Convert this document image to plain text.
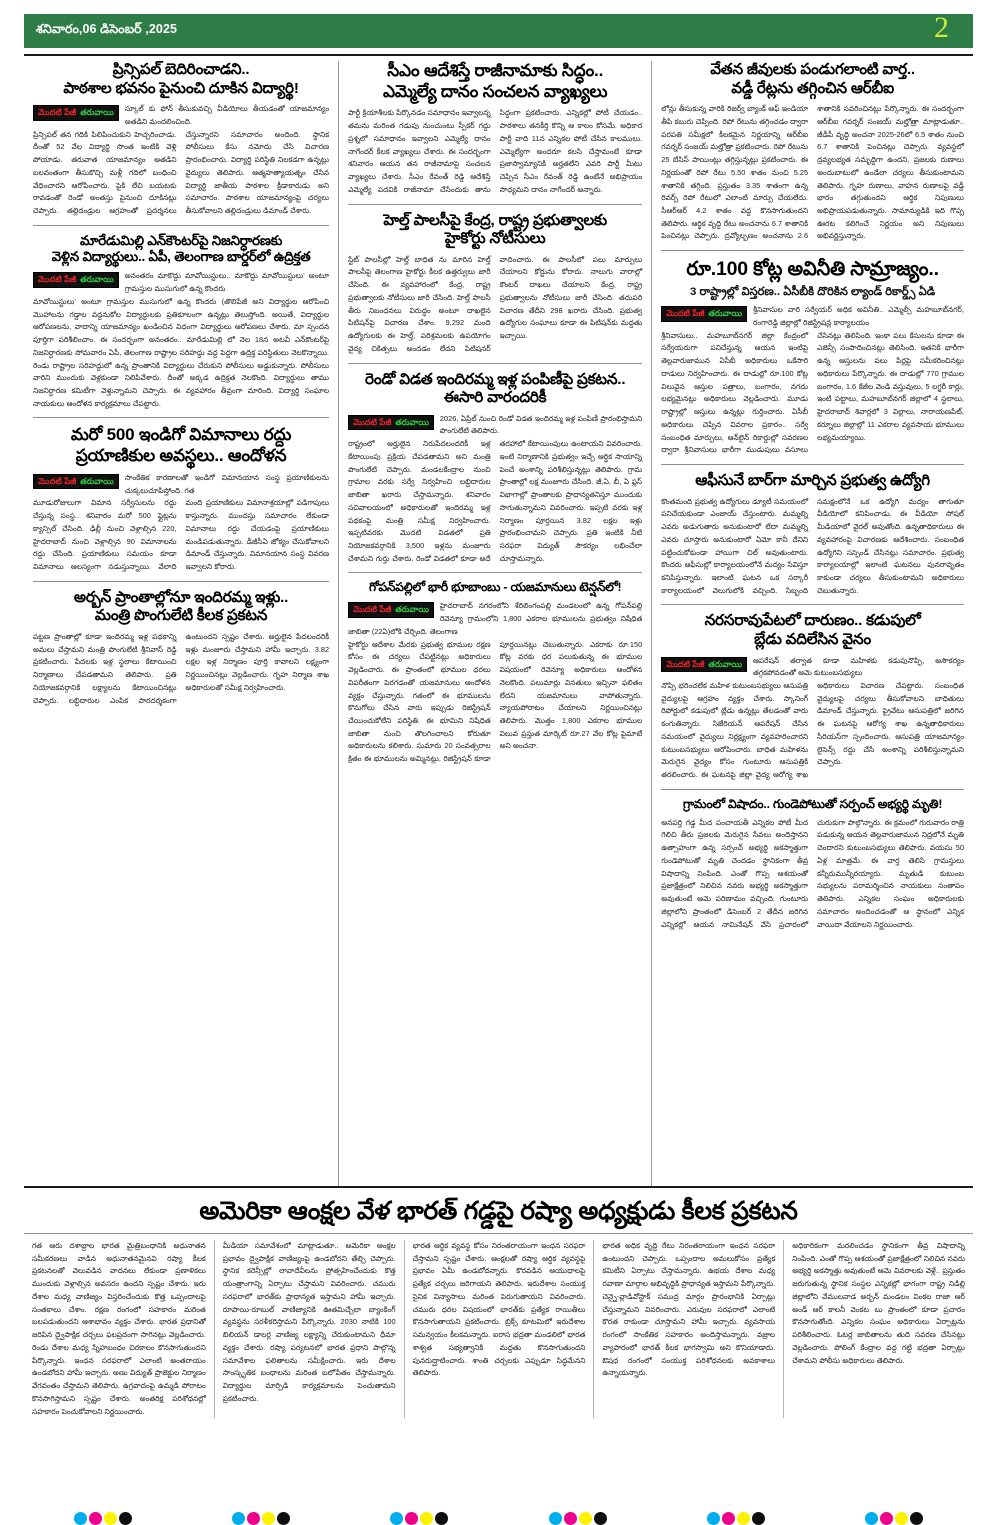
శనివారం,06 డిసెంబర్ ,2025	2
ప్రిన్సిపల్ బెదిరించాడని..
పాఠశాల భవనం పైనుంచి దూకిన విద్యార్థి!
మొదటి పేజీ తరువాయి	స్కూల్ కు ఫోన్ తీసుకువచ్చి వీడియోలు తీయడంతో యాజమాన్యం అతడిని మందలించింది.
ప్రిన్సిపల్ తన గదికి పిలిపించుకుని హెచ్చరించాడు. దీంతో 52 వేల విద్యార్థి సొంత ఇంటికి వెళ్లి పోయాడు. తరువాత యాజమాన్యం అతడిని బలవంతంగా తీసుకొచ్చి మళ్లీ గదిలో బంధించి వేధించారని ఆరోపించారు. పైకి లేచి బయటకు రావడంతో రెండో అంతస్తు పైనుంచి దూకినట్లు చెప్పారు. తల్లిదండ్రుల ఆగ్రహంతో ప్రదర్శనలు చేస్తున్నారని సమాచారం అందింది. స్థానిక పోలీసులు కేసు నమోదు చేసి విచారణ ప్రారంభించారు. విద్యార్థి పరిస్థితి నిలకడగా ఉన్నట్లు వైద్యులు తెలిపారు. ఆత్మహత్యాయత్నం చేసిన విద్యార్థి జాతీయ పాఠశాల క్రీడాకారుడు అని సమాచారం. పాఠశాల యాజమాన్యంపై చర్యలు తీసుకోవాలని తల్లిదండ్రులు డిమాండ్ చేశారు.
మారేడుమిల్లి ఎన్‌కౌంటర్‌పై నిజనిర్ధారణకు
వెళ్లిన విద్యార్థులు.. ఏపీ, తెలంగాణ బార్డర్‌లో ఉద్రిక్తత
మొదటి పేజీ తరువాయి	అనంతరం మాకొద్దు మావోయిస్టులు.. మాకొద్దు మావోయిస్టులు' అంటూ గ్రామస్తుల ముసుగులో ఉన్న కొందరు
మావోయిస్టులు' అంటూ గ్రామస్తుల ముసుగులో ఉన్న కొందరు (తొలిపేజీ అని విద్యార్థుల ఆరోపించి మొహాలను గడ్డాల వద్దనుకోల విద్యార్థులకు ప్రతికూలంగా ఉన్నట్లు తెలుస్తోంది. అయితే, విద్యార్థుల ఆరోపణలను, వాదాన్ని యాజమాన్యం ఖండించిన విధంగా విద్యార్థులు ఆరోపణలు చేశారు. మా స్పందన పూర్తిగా పరిశీలించాం. ఈ సందర్భంగా అనంతరం.. మారేడుమిల్లి లో నెల 18న అటవీ ఎన్‌కౌంటర్‌పై నిజనిర్ధారణకు సోమవారం ఏపీ, తెలంగాణ రాష్ట్రాల సరిహద్దు వద్ద పెద్దగా ఉద్రిక్త పరిస్థితులు నెలకొన్నాయి. రెండు రాష్ట్రాల సరిహద్దులో ఉన్న ప్రాంతానికి విద్యార్థులు చేరుకుని పోలీసులు అడ్డుకున్నారు. పోలీసులు వారిని ముందుకు వెళ్లకుండా నిలిపివేశారు. దీంతో అక్కడ ఉద్రిక్తత నెలకొంది. విద్యార్థులు తాము నిజనిర్ధారణ కమిటీగా వెళ్తున్నామని చెప్పారు. ఈ వ్యవహారం తీవ్రంగా మారింది. విద్యార్థి సంఘాల నాయకులు ఆందోళన కార్యక్రమాలు చేపట్టారు.
మరో 500 ఇండిగో విమానాలు రద్దు
ప్రయాణికుల అవస్థలు.. ఆందోళన
మొదటి పేజీ తరువాయి	సాంకేతిక కారణాలతో ఇండిగో విమానయాన సంస్థ ప్రయాణికులను చుక్కలుచూపిస్తోంది. గత
మూడురోజులుగా విమాన సర్వీసులను రద్దు చేస్తున్న సంస్థ.. శనివారం మరో 500 ఫ్లైట్లను క్యాన్సిల్ చేసింది. ఢిల్లీ నుంచి వెళ్లాల్సిన 220, హైదరాబాద్ నుంచి వెళ్లాల్సిన 90 విమానాలను రద్దు చేసింది. ప్రయాణికులు సమయం కూడా విమానాలు ఆలస్యంగా నడుస్తున్నాయి. వేలాది మంది ప్రయాణికులు విమానాశ్రయాల్లో పడిగాపులు కాస్తున్నారు. ముందస్తు సమాచారం లేకుండా విమానాలు రద్దు చేయడంపై ప్రయాణికులు మండిపడుతున్నారు. డీజీసీఏ జోక్యం చేసుకోవాలని డిమాండ్ చేస్తున్నారు. విమానయాన సంస్థ వివరణ ఇవ్వాలని కోరారు.
అర్బన్ ప్రాంతాల్లోనూ ఇందిరమ్మ ఇళ్లు..
మంత్రి పొంగులేటి కీలక ప్రకటన
పట్టణ ప్రాంతాల్లో కూడా ఇందిరమ్మ ఇళ్ల పథకాన్ని అమలు చేస్తామని మంత్రి పొంగులేటి శ్రీనివాస్ రెడ్డి ప్రకటించారు. పేదలకు ఇళ్ల స్థలాలు కేటాయించి నిర్మాణాలు చేపడతామని తెలిపారు. ప్రతి నియోజకవర్గానికి లక్ష్యాలను కేటాయించినట్లు చెప్పారు. లబ్ధిదారుల ఎంపిక పారదర్శకంగా ఉంటుందని స్పష్టం చేశారు. అర్హులైన పేదలందరికీ ఇళ్లు మంజూరు చేస్తామని హామీ ఇచ్చారు. 3.82 లక్షల ఇళ్ల నిర్మాణం పూర్తి కావాలని లక్ష్యంగా నిర్ణయించినట్లు వెల్లడించారు. గృహ నిర్మాణ శాఖ అధికారులతో సమీక్ష నిర్వహించారు.
సీఎం ఆదేశిస్తే రాజీనామాకు సిద్ధం..
ఎమ్మెల్యే దానం సంచలన వ్యాఖ్యలు
పార్టీ క్రియాశీలకు పేర్కొనడం సమాధానం ఇవ్వాలన్న తమను మరింత గడుపు నుంచుంటు స్పీకర్ గద్దు ప్రశ్నలో సమాధానం ఇవ్వాలని ఎమ్మెల్యే దానం నాగేందర్ కీలక వ్యాఖ్యలు చేశారు. ఈ సందర్భంగా శనివారం ఆయన తన రాజీనామాపై సంచలన వ్యాఖ్యలు చేశారు. సీఎం రేవంత్ రెడ్డి ఆదేశిస్తే ఎమ్మెల్యే పదవికి రాజీనామా చేసేందుకు తాను సిద్ధంగా ప్రకటించారు. ఎన్నికల్లో పోటీ చేయడం.. పాఠశాలు తనకీర్తి కొన్ని ఆ కాలం కోసమే. అధికార పార్టీ వాది 11న ఎన్నికల పోటీ చేసిన కాలములు. ఎమ్మెల్యేగా అందరూ కలసి చేస్తామంటే కూడా ప్రజాస్వామ్యానికి అర్హతలేని ఎవరి పార్టీ మీటు చెప్పిన సీఎం రేవంత్ రెడ్డి ఉంటేనే అభిప్రాయం సాధ్యమని దానం నాగేందర్ అన్నారు.
హెల్త్ పాలసీపై కేంద్ర, రాష్ట్ర ప్రభుత్వాలకు
హైకోర్టు నోటీసులు
స్టేట్ పాలసీల్లో హెల్త్ బాధిత ను మారిన హెల్త్ పాలసీపై తెలంగాణ హైకోర్టు కీలక ఉత్తర్వులు జారీ చేసింది. ఈ వ్యవహారంలో కేంద్ర, రాష్ట్ర ప్రభుత్వాలకు నోటీసులు జారీ చేసింది. హెల్త్ పాలసీ తీరు నిబంధనలు విరుద్ధం అంటూ దాఖలైన పిటిషన్‌పై విచారణ చేశాం. 9,292 మంది ఉద్యోగులకు ఈ హెల్త్, పరిశ్రమలకు ఉపయోగం వైద్య చికిత్సలు అందడం లేదని పిటిషనర్ వాదించారు. ఈ పాలసీలో పలు మార్పులు చేయాలని కోర్టును కోరారు. నాలుగు వారాల్లో కౌంటర్ దాఖలు చేయాలని కేంద్ర, రాష్ట్ర ప్రభుత్వాలను నోటీసులు జారీ చేసింది. తదుపరి విచారణ తేదీని 298 ఖరారు చేసింది. ప్రభుత్వ ఉద్యోగుల సంఘాలు కూడా ఈ పిటిషన్‌కు మద్దతు ఇచ్చాయి.
రెండో విడత ఇందిరమ్మ ఇళ్ల పంపిణీపై ప్రకటన..
ఈసారి వారందరికీ
మొదటి పేజీ తరువాయి	2026, ఏప్రిల్ నుంచి రెండో విడత ఇందిరమ్మ ఇళ్ల పంపిణీ ప్రారంభిస్తామని పొంగులేటి తెలిపారు.
రాష్ట్రంలో అర్హులైన నిరుపేదలందరికీ ఇళ్ల కేటాయింపు ప్రక్రియ చేపడతామని అని మంత్రి పొంగులేటి చెప్పారు. మండలకేంద్రాల నుంచి గ్రామాల వరకు సర్వే నిర్వహించి లబ్ధిదారుల జాబితా ఖరారు చేస్తామన్నారు. శనివారం సచివాలయంలో అధికారులతో ఇందిరమ్మ ఇళ్ల పథకంపై మంత్రి సమీక్ష నిర్వహించారు. ఇప్పటివరకు మొదటి విడతలో ప్రతి నియోజకవర్గానికి 3,500 ఇళ్లను మంజూరు చేశామని గుర్తు చేశారు. రెండో విడతలో కూడా అదే తరహాలో కేటాయింపులు ఉంటాయని వివరించారు. ఇంటి నిర్మాణానికి ప్రభుత్వం ఇచ్చే ఆర్థిక సాయాన్ని పెంచే అంశాన్ని పరిశీలిస్తున్నట్లు తెలిపారు. గ్రామ ప్రాంతాల్లో లక్ష మంజూరు చేసింది. జీ,ఏ, బీ, ఏ ప్లస్ విభాగాల్లో ప్రాంతాలకు ప్రాధాన్యతనిస్తూ ముందుకు సాగుతున్నామని వివరించారు. ఇప్పటి వరకు ఇళ్ల నిర్మాణం పూర్తయిన 3.82 లక్షల ఇళ్లు ప్రారంభించామని చెప్పారు. ప్రతి ఇంటికి నీటి సరఫరా విద్యుత్ సౌకర్యం లభించేలా చూస్తామన్నారు.
గోపన్‌పల్లిలో భారీ భూబాంబు - యజమానులు టెన్షన్‌లో!
మొదటి పేజీ తరువాయి	హైదరాబాద్ నగరంలోని శేరిలింగంపల్లి మండలంలో ఉన్న గోపన్‌పల్లి రెవెన్యూ గ్రామంలోని 1,800 ఎకరాల భూములను ప్రభుత్వం నిషేధిత జాబితా (22ఏ)లోకి చేర్చింది. తెలంగాణ
హైకోర్టు ఆదేశాల మేరకు ప్రభుత్వ భూముల రక్షణ కోసం ఈ చర్యలు చేపట్టినట్లు అధికారులు వెల్లడించారు. ఈ ప్రాంతంలో భూముల ధరలు విపరీతంగా పెరగడంతో యజమానులు ఆందోళన వ్యక్తం చేస్తున్నారు. గతంలో ఈ భూములను కొనుగోలు చేసిన వారు ఇప్పుడు రిజిస్ట్రేషన్ చేయించుకోలేని పరిస్థితి. ఈ భూమిని నిషేధిత జాబితా నుంచి తొలగించాలని కోరుతూ అధికారులను కలిశారు. సుమారు 20 సంవత్సరాల క్రితం ఈ భూములను అమ్మినట్లు, రిజిస్ట్రేషన్ కూడా పూర్తయినట్లు చెబుతున్నారు. ఎకరాకు రూ.150 కోట్ల వరకు ధర పలుకుతున్న ఈ భూముల విషయంలో రెవెన్యూ అధికారులు ఆందోళన నెలకొంది. పలుమార్లు వినతులు ఇచ్చినా ఫలితం లేదని యజమానులు వాపోతున్నారు. న్యాయపోరాటం చేయాలని నిర్ణయించినట్లు తెలిపారు. మొత్తం 1,800 ఎకరాల భూముల విలువ ప్రస్తుత మార్కెట్ రూ.27 వేల కోట్ల పైమాటే అని అంచనా.
వేతన జీవులకు పండుగలాంటి వార్త..
వడ్డీ రేట్లను తగ్గించిన ఆర్‌బీఐ
లోన్లు తీసుకున్న వారికి రిజర్వ్ బ్యాంక్ ఆఫ్ ఇండియా తీపి కబురు చెప్పింది. రెపో రేటును తగ్గించడం ద్వారా పరపతి సమీక్షలో కీలకమైన నిర్ణయాన్ని ఆర్‌బీఐ గవర్నర్ సంజయ్ మల్హోత్రా ప్రకటించారు. రెపో రేటును 25 బేసిస్ పాయింట్లు తగ్గిస్తున్నట్లు ప్రకటించారు. ఈ నిర్ణయంతో రెపో రేటు 5.50 శాతం నుంచి 5.25 శాతానికి తగ్గింది. ప్రస్తుతం 3.35 శాతంగా ఉన్న రివర్స్ రెపో రేటులో ఎలాంటి మార్పు చేయలేదు. సీఆర్ఆర్ 4.2 శాతం వద్ద కొనసాగుతుందని తెలిపారు. ఆర్థిక వృద్ధి రేటు అంచనాను 6.7 శాతానికి పెంచినట్లు చెప్పారు. ద్రవ్యోల్బణం అంచనాను 2.6 శాతానికి సవరించినట్లు పేర్కొన్నారు. ఈ సందర్భంగా ఆర్‌బీఐ గవర్నర్ సంజయ్ మల్హోత్రా మాట్లాడుతూ.. జీడీపీ వృద్ధి అంచనా 2025-26లో 6.5 శాతం నుంచి 6.7 శాతానికి పెంచినట్లు చెప్పారు. వ్యవస్థలో ద్రవ్యలభ్యత సమృద్ధిగా ఉందని, ప్రజలకు రుణాలు అందుబాటులో ఉండేలా చర్యలు తీసుకుంటామని తెలిపారు. గృహ రుణాలు, వాహన రుణాలపై వడ్డీ భారం తగ్గుతుందని ఆర్థిక నిపుణులు అభిప్రాయపడుతున్నారు. సామాన్యుడికి ఇది గొప్ప ఊరట కలిగించే నిర్ణయం అని నిపుణులు అభివర్ణిస్తున్నారు.
రూ.100 కోట్ల అవినీతి సామ్రాజ్యం..
3 రాష్ట్రాల్లో విస్తరణ.. ఏసీబీకి దొరికిన ల్యాండ్ రికార్డ్స్ ఏడి
మొదటి పేజీ తరువాయి	శ్రీనివాసుల వారి సర్వేయర్ అధిక అవినీతి.. ఎమ్మెల్సీ మహబూబ్‌నగర్, రంగారెడ్డి జిల్లాల్లో రిజిస్ట్రేషన్ల కార్యాలయం
శ్రీనివాసులు.. మహబూబ్‌నగర్ జిల్లా కేంద్రంలో సర్వేయరుగా పనిచేస్తున్న ఆయన ఇంటిపై తెల్లవారుజామున ఏసీబీ అధికారులు ఒకేసారి దాడులు నిర్వహించారు. ఈ దాడుల్లో రూ.100 కోట్ల విలువైన ఆస్తుల పత్రాలు, బంగారం, నగదు లభ్యమైనట్లు అధికారులు వెల్లడించారు. మూడు రాష్ట్రాల్లో ఆస్తులు ఉన్నట్లు గుర్తించారు. ఏసీబీ అధికారులు చెప్పిన వివరాల ప్రకారం.. సర్వే సంబంధిత మార్పులు, ఆన్‌లైన్ రికార్డుల్లో సవరణల ద్వారా శ్రీనివాసులు భారీగా ముడుపులు వసూలు చేసినట్లు తెలిసింది. ఇంకా పలు కేసులను కూడా ఈ ఎజెన్సీ సంపాదించినట్లు తెలిసింది. ఇతనికి భారీగా ఉన్న ఆస్తులను పలు పేర్లపై సమీకరించినట్లు అధికారులు పేర్కొన్నారు. ఈ దాడుల్లో 770 గ్రాముల బంగారం, 1.6 కేజీల వెండి వస్తువులు, 5 లగ్జరీ కార్లు, ఇంటి పట్టాలు, మహబూబ్‌నగర్ జిల్లాలో 4 స్థలాలు, హైదరాబాద్ శివార్లలో 3 విల్లాలు, నారాయణపేట్, కర్నూలు జిల్లాల్లో 11 ఎకరాల వ్యవసాయ భూములు లభ్యమయ్యాయి.
ఆఫీసునే బార్‌గా మార్చిన ప్రభుత్వ ఉద్యోగి
కొంతమంది ప్రభుత్వ ఉద్యోగులు డ్యూటీ సమయంలో పనిచేయకుండా ఎంజాయ్ చేస్తుంటారు. మమ్మల్ని ఎవరు అడుగుతారు అనుకుంటారో లేదా మమ్మల్ని ఎవరు చూస్తారు అనుకుంటారో ఏమో కానీ దేనిని పట్టించుకోకుండా హాయిగా చిల్ అవుతుంటారు. కొందరు ఆఫీసుల్లో కార్యాలయంలోనే మద్యం సేవిస్తూ కనిపిస్తున్నారు. ఇలాంటి ఘటన ఒక సర్కారీ కార్యాలయంలో వెలుగులోకి వచ్చింది. సిబ్బంది సమక్షంలోనే ఒక ఉద్యోగి మద్యం తాగుతూ వీడియోలో కనిపించాడు. ఈ వీడియో సోషల్ మీడియాలో వైరల్ అవుతోంది. ఉన్నతాధికారులు ఈ వ్యవహారంపై విచారణకు ఆదేశించారు. సంబంధిత ఉద్యోగిని సస్పెండ్ చేసినట్లు సమాచారం. ప్రభుత్వ కార్యాలయాల్లో ఇలాంటి ఘటనలు పునరావృతం కాకుండా చర్యలు తీసుకుంటామని అధికారులు చెబుతున్నారు.
నరసరావుపేటలో దారుణం.. కడుపులో
బ్లేడు వదిలేసిన వైనం
మొదటి పేజీ తరువాయి	ఆపరేషన్ తర్వాత కూడా మహిళకు కడుపునొప్పి, అసౌకర్యం తగ్గకపోవడంతో ఆమె కుటుంబసభ్యులు
నొప్పి భరించలేక మహిళ కుటుంబసభ్యులు ఆసుపత్రి వైద్యులపై ఆగ్రహం వ్యక్తం చేశారు. స్కానింగ్ రిపోర్టులో కడుపులో బ్లేడు ఉన్నట్లు తేలడంతో వారు కంగుతిన్నారు. సిజేరియన్ ఆపరేషన్ చేసిన సమయంలో వైద్యులు నిర్లక్ష్యంగా వ్యవహరించారని కుటుంబసభ్యులు ఆరోపించారు. బాధిత మహిళను మెరుగైన వైద్యం కోసం గుంటూరు ఆసుపత్రికి తరలించారు. ఈ ఘటనపై జిల్లా వైద్య ఆరోగ్య శాఖ అధికారులు విచారణ చేపట్టారు. సంబంధిత వైద్యులపై చర్యలు తీసుకోవాలని బాధితులు డిమాండ్ చేస్తున్నారు. ప్రైవేటు ఆసుపత్రిలో జరిగిన ఈ ఘటనపై ఆరోగ్య శాఖ ఉన్నతాధికారులు సీరియస్‌గా స్పందించారు. ఆసుపత్రి యాజమాన్యం లైసెన్స్ రద్దు చేసే అంశాన్ని పరిశీలిస్తున్నామని చెప్పారు.
గ్రామంలో విషాదం.. గుండెపోటుతో సర్పంచ్ అభ్యర్థి మృతి!
అనపర్తి గడ్డ మీద పంచాయతీ ఎన్నికల పోటీ మీద గెలిచి తీరు ప్రజలకు మెరుగైన సేవలు అందిస్తానని ఉత్సాహంగా ఉన్న సర్పంచ్ అభ్యర్థి అకస్మాత్తుగా గుండెపోటుతో మృతి చెందడం స్థానికంగా తీవ్ర విషాదాన్ని నింపింది. ఎంతో గొప్ప ఆశయంతో ప్రజాక్షేత్రంలో నిలిచిన నవరు అభ్యర్థి అకస్మాత్తుగా అవుతుంటే ఆమె పరిణామం వచ్చింది. గుంటూరు జిల్లాలోని ప్రాంతంలో డిసెంబర్ 2 తేదీన జరిగిన ఎన్నికల్లో ఆయన నామినేషన్ వేసి ప్రచారంలో చురుకుగా పాల్గొన్నారు. ఈ క్రమంలో గురువారం రాత్రి పడుకున్న ఆయన తెల్లవారుజామున నిద్రలోనే మృతి చెందారని కుటుంబసభ్యులు తెలిపారు. వయసు 50 ఏళ్ల మాత్రమే. ఈ వార్త తెలిసి గ్రామస్తులు కన్నీరుమున్నీరయ్యారు. మృతుడి కుటుంబ సభ్యులను పరామర్శించిన నాయకులు సంతాపం తెలిపారు. ఎన్నికల సంఘం అధికారులకు సమాచారం అందించడంతో ఆ స్థానంలో ఎన్నిక వాయిదా వేయాలని నిర్ణయించారు.
అమెరికా ఆంక్షల వేళ భారత్ గడ్డపై రష్యా అధ్యక్షుడు కీలక ప్రకటన
గత ఆరు దశాబ్దాల భారత మైత్రిబంధానికి అధునాతన సమీకరణలు వాడిన అధునాతనమైనవి రష్యా కీలక ప్రకటనలతో వెలువడిన వాదనలు లేకుండా ప్రణాళికలు ముందుకు వెళ్లాల్సిన అవసరం ఉందని స్పష్టం చేశారు. ఇరు దేశాల మధ్య వాణిజ్యం విస్తరించేందుకు కొత్త ఒప్పందాలపై సంతకాలు చేశాం. రక్షణ రంగంలో సహకారం మరింత బలపడుతుందని ఆశాభావం వ్యక్తం చేశారు. భారత ప్రధానితో జరిపిన ద్వైపాక్షిక చర్చలు ఫలప్రదంగా సాగినట్లు వెల్లడించారు. రెండు దేశాల మధ్య స్నేహబంధం చిరకాలం కొనసాగుతుందని పేర్కొన్నారు. ఇంధన సరఫరాలో ఎలాంటి అంతరాయం ఉండబోదని హామీ ఇచ్చారు. అణు విద్యుత్ ప్రాజెక్టుల నిర్మాణం వేగవంతం చేస్తామని తెలిపారు. ఉగ్రవాదంపై ఉమ్మడి పోరాటం కొనసాగిస్తామని స్పష్టం చేశారు. అంతరిక్ష పరిశోధనల్లో సహకారం పెంచుకోవాలని నిర్ణయించారు.
మీడియా సమావేశంలో మాట్లాడుతూ.. అమెరికా ఆంక్షల ప్రభావం ద్వైపాక్షిక వాణిజ్యంపై ఉండబోదని తేల్చి చెప్పారు. స్థానిక కరెన్సీల్లో లావాదేవీలను ప్రోత్సహించేందుకు కొత్త యంత్రాంగాన్ని ఏర్పాటు చేస్తామని వివరించారు. చమురు సరఫరాలో భారత్‌కు ప్రాధాన్యత ఇస్తామని హామీ ఇచ్చారు. రూపాయి-రూబుల్ వాణిజ్యానికి ఊతమిచ్చేలా బ్యాంకింగ్ వ్యవస్థను సరళీకరిస్తామని పేర్కొన్నారు. 2030 నాటికి 100 బిలియన్ డాలర్ల వాణిజ్య లక్ష్యాన్ని చేరుకుంటామని ధీమా వ్యక్తం చేశారు. రష్యా పర్యటనలో భారత ప్రధాని పాల్గొన్న సమావేశాల ఫలితాలను సమీక్షించారు. ఇరు దేశాల సాంస్కృతిక బంధాలను మరింత బలోపేతం చేస్తామన్నారు. విద్యార్థుల మార్పిడి కార్యక్రమాలను పెంచుతామని ప్రకటించారు.
భారత ఆర్థిక వ్యవస్థ కోసం నిరంతరాయంగా ఇంధన సరఫరా చేస్తామని స్పష్టం చేశారు. ఆంక్షలతో రష్యా ఆర్థిక వ్యవస్థపై ప్రభావం ఏమీ ఉండబోదన్నారు. కొరవడిన ఆయుధాలపై ప్రత్యేక చర్చలు జరిగాయని తెలిపారు. ఇరుదేశాల సంయుక్త సైనిక విన్యాసాలు మరింత పెరుగుతాయని వివరించారు. చమురు ధరల విషయంలో భారత్‌కు ప్రత్యేక రాయితీలు కొనసాగుతాయని ప్రకటించారు. బ్రిక్స్ కూటమిలో ఇరుదేశాల సమన్వయం కీలకమన్నారు. ఐరాస భద్రతా మండలిలో భారత శాశ్వత సభ్యత్వానికి మద్దతు కొనసాగుతుందని పునరుద్ఘాటించారు. శాంతి చర్చలకు ఎప్పుడూ సిద్ధమేనని తెలిపారు.
భారత అధిక వృద్ధి రేటు నిరంతరాయంగా ఇంధన సరఫరా ఉంటుందని చెప్పారు. ఒప్పందాల అమలుకోసం ప్రత్యేక కమిటీని ఏర్పాటు చేస్తామన్నారు. ఉభయ దేశాల మధ్య రవాణా మార్గాల అభివృద్ధికి ప్రాధాన్యత ఇస్తామని పేర్కొన్నారు. చెన్నై-వ్లాడివోస్టాక్ సముద్ర మార్గం ప్రారంభానికి ఏర్పాట్లు చేస్తున్నామని వివరించారు. ఎరువుల సరఫరాలో ఎలాంటి కొరత రాకుండా చూస్తామని హామీ ఇచ్చారు. వ్యవసాయ రంగంలో సాంకేతిక సహకారం అందిస్తామన్నారు. వజ్రాల వ్యాపారంలో భారత్ కీలక భాగస్వామి అని కొనియాడారు. ఔషధ రంగంలో సంయుక్త పరిశోధనలకు అవకాశాలు ఉన్నాయన్నారు.
అధికారికంగా మరలించడం స్థానికంగా తీవ్ర విషాదాన్ని నింపింది. ఎంతో గొప్ప ఆశయంతో ప్రజాక్షేత్రంలో నిలిచిన నవరు అభ్యర్థి అకస్మాత్తు అవుతుంటే ఆమె వివరాలకు వెళ్లే.. ప్రస్తుతం జరుగుతున్న స్థానిక సంస్థల ఎన్నికల్లో భాగంగా రాష్ట్ర నిడిల్లి జిల్లాలోని వేములవాడ అర్బన్ మండలం వింకల రాజా ఆర్ అండ్ ఆర్ కాలనీ వెంకట బు ప్రాంతంలో కూడా ప్రచారం కొనసాగుతోంది. ఎన్నికల సంఘం అధికారులు ఏర్పాట్లను పరిశీలించారు. ఓటర్ల జాబితాలను తుది సవరణ చేసినట్లు వెల్లడించారు. పోలింగ్ కేంద్రాల వద్ద గట్టి భద్రతా ఏర్పాట్లు చేశామని పోలీసు అధికారులు తెలిపారు.
